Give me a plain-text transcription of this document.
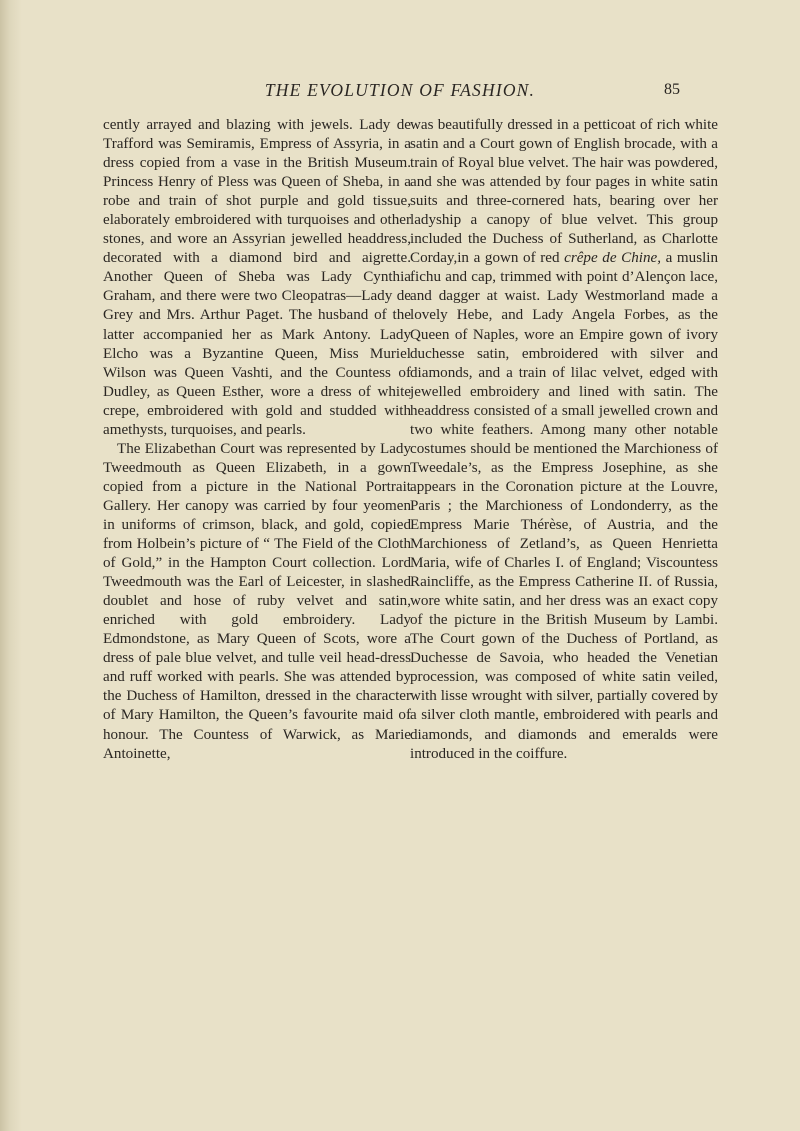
THE EVOLUTION OF FASHION.	85

cently arrayed and blazing with jewels. Lady de Trafford was Semiramis, Empress of Assyria, in a dress copied from a vase in the British Museum. Princess Henry of Pless was Queen of Sheba, in a robe and train of shot purple and gold tissue, elaborately embroidered with turquoises and other stones, and wore an Assyrian jewelled headdress, decorated with a diamond bird and aigrette. Another Queen of Sheba was Lady Cynthia Graham, and there were two Cleopatras—Lady de Grey and Mrs. Arthur Paget. The husband of the latter accompanied her as Mark Antony. Lady Elcho was a Byzantine Queen, Miss Muriel Wilson was Queen Vashti, and the Countess of Dudley, as Queen Esther, wore a dress of white crepe, embroidered with gold and studded with amethysts, turquoises, and pearls.

The Elizabethan Court was represented by Lady Tweedmouth as Queen Elizabeth, in a gown copied from a picture in the National Portrait Gallery. Her canopy was carried by four yeomen in uniforms of crimson, black, and gold, copied from Holbein’s picture of “ The Field of the Cloth of Gold,” in the Hampton Court collection. Lord Tweedmouth was the Earl of Leicester, in slashed doublet and hose of ruby velvet and satin, enriched with gold embroidery. Lady Edmondstone, as Mary Queen of Scots, wore a dress of pale blue velvet, and tulle veil head-dress and ruff worked with pearls. She was attended by the Duchess of Hamilton, dressed in the character of Mary Hamilton, the Queen’s favourite maid of honour. The Countess of Warwick, as Marie Antoinette,

was beautifully dressed in a petticoat of rich white satin and a Court gown of English brocade, with a train of Royal blue velvet. The hair was powdered, and she was attended by four pages in white satin suits and three-cornered hats, bearing over her ladyship a canopy of blue velvet. This group included the Duchess of Sutherland, as Charlotte Corday,in a gown of red crêpe de Chine, a muslin fichu and cap, trimmed with point d’Alençon lace, and dagger at waist. Lady Westmorland made a lovely Hebe, and Lady Angela Forbes, as the Queen of Naples, wore an Empire gown of ivory duchesse satin, embroidered with silver and diamonds, and a train of lilac velvet, edged with jewelled embroidery and lined with satin. The headdress consisted of a small jewelled crown and two white feathers. Among many other notable costumes should be mentioned the Marchioness of Tweedale’s, as the Empress Josephine, as she appears in the Coronation picture at the Louvre, Paris ; the Marchioness of Londonderry, as the Empress Marie Thérèse, of Austria, and the Marchioness of Zetland’s, as Queen Henrietta Maria, wife of Charles I. of England; Viscountess Raincliffe, as the Empress Catherine II. of Russia, wore white satin, and her dress was an exact copy of the picture in the British Museum by Lambi. The Court gown of the Duchess of Portland, as Duchesse de Savoia, who headed the Venetian procession, was composed of white satin veiled, with lisse wrought with silver, partially covered by a silver cloth mantle, embroidered with pearls and diamonds, and diamonds and emeralds were introduced in the coiffure.
